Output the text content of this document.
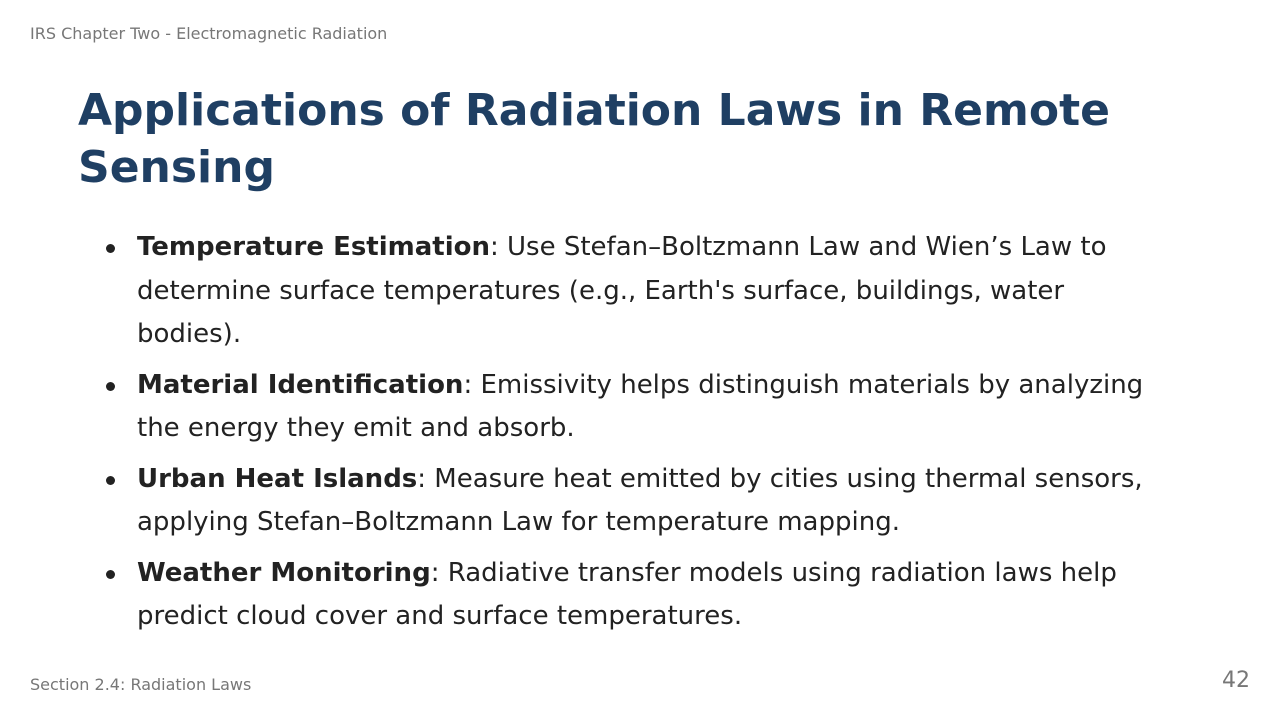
IRS Chapter Two - Electromagnetic Radiation
Applications of Radiation Laws in Remote Sensing
Temperature Estimation: Use Stefan–Boltzmann Law and Wien’s Law to determine surface temperatures (e.g., Earth's surface, buildings, water bodies).
Material Identification: Emissivity helps distinguish materials by analyzing the energy they emit and absorb.
Urban Heat Islands: Measure heat emitted by cities using thermal sensors, applying Stefan–Boltzmann Law for temperature mapping.
Weather Monitoring: Radiative transfer models using radiation laws help predict cloud cover and surface temperatures.
Section 2.4: Radiation Laws	42
